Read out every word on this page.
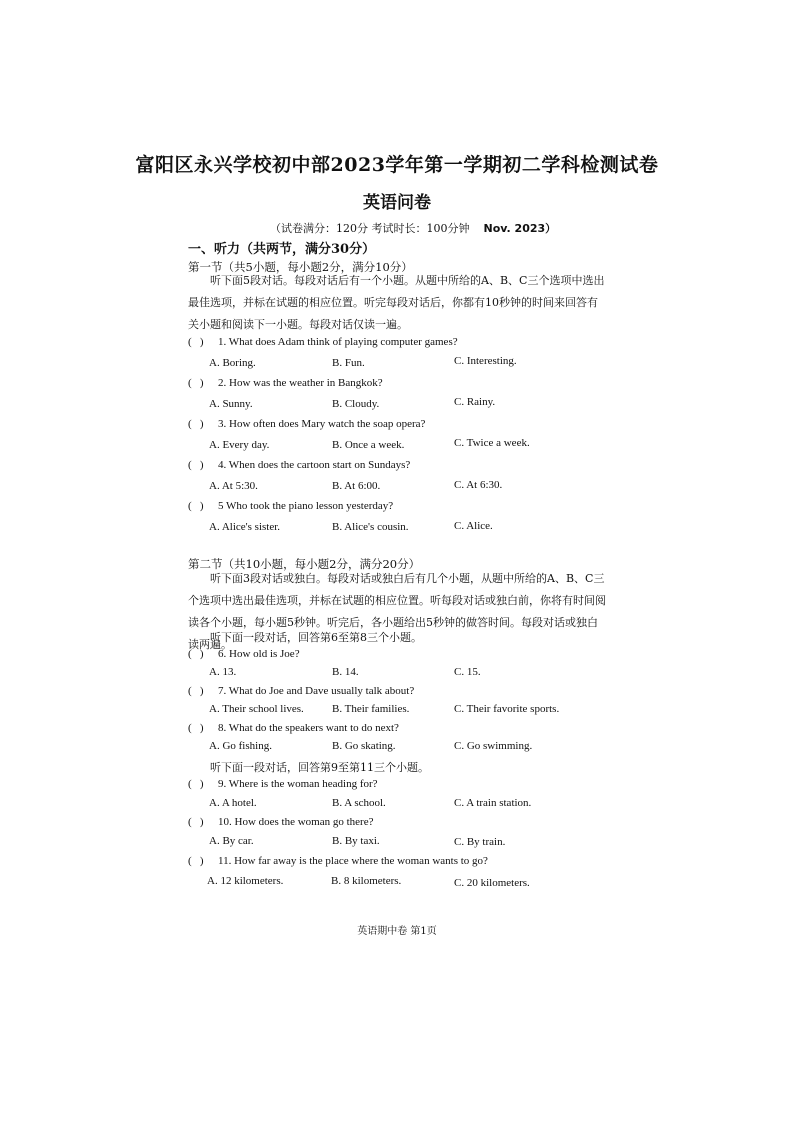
富阳区永兴学校初中部2023学年第一学期初二学科检测试卷
英语问卷
（试卷满分：120分 考试时长：100分钟 Nov. 2023）
一、听力（共两节，满分30分）
第一节（共5小题，每小题2分，满分10分）
听下面5段对话。每段对话后有一个小题。从题中所给的A、B、C三个选项中选出最佳选项，并标在试题的相应位置。听完每段对话后，你都有10秒钟的时间来回答有关小题和阅读下一小题。每段对话仅读一遍。
( ) 1. What does Adam think of playing computer games?
A. Boring.	B. Fun.	C. Interesting.
( ) 2. How was the weather in Bangkok?
A. Sunny.	B. Cloudy.	C. Rainy.
( ) 3. How often does Mary watch the soap opera?
A. Every day.	B. Once a week.	C. Twice a week.
( ) 4. When does the cartoon start on Sundays?
A. At 5:30.	B. At 6:00.	C. At 6:30.
( ) 5 Who took the piano lesson yesterday?
A. Alice's sister.	B. Alice's cousin.	C. Alice.
第二节（共10小题，每小题2分，满分20分）
听下面3段对话或独白。每段对话或独白后有几个小题，从题中所给的A、B、C三个选项中选出最佳选项，并标在试题的相应位置。听每段对话或独白前，你将有时间阅读各个小题，每小题5秒钟。听完后，各小题给出5秒钟的做答时间。每段对话或独白读两遍。
听下面一段对话，回答第6至第8三个小题。
( ) 6. How old is Joe?
A. 13.	B. 14.	C. 15.
( ) 7. What do Joe and Dave usually talk about?
A. Their school lives.	B. Their families.	C. Their favorite sports.
( ) 8. What do the speakers want to do next?
A. Go fishing.	B. Go skating.	C. Go swimming.
听下面一段对话，回答第9至第11三个小题。
( ) 9. Where is the woman heading for?
A. A hotel.	B. A school.	C. A train station.
( ) 10. How does the woman go there?
A. By car.	B. By taxi.	C. By train.
( ) 11. How far away is the place where the woman wants to go?
A. 12 kilometers.	B. 8 kilometers.	C. 20 kilometers.
英语期中卷 第1页
